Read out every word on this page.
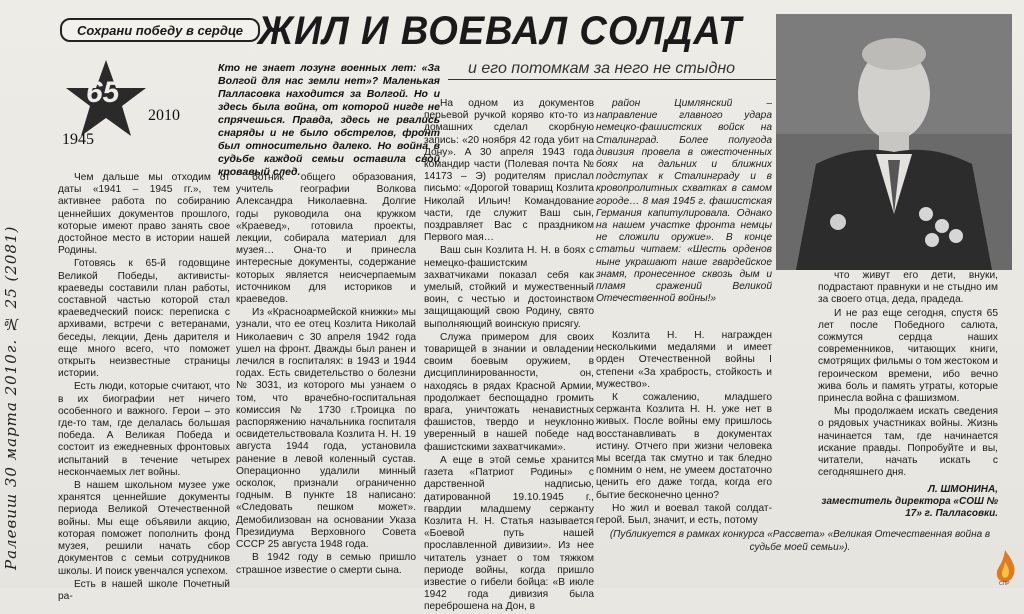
Ралевиш 30 марта 2010г. № 25 (2081)
Сохрани победу в сердце ЖИЛ И ВОЕВАЛ СОЛДАТ
и его потомкам за него не стыдно
65
1945
2010
Кто не знает лозунг военных лет: «За Волгой для нас земли нет»? Маленькая Палласовка находится за Волгой. Но и здесь была война, от которой нигде не спрячешься. Правда, здесь не рвались снаряды и не было обстрелов, фронт был относительно далеко. Но война в судьбе каждой семьи оставила свой кровавый след.

Чем дальше мы отходим от даты «1941 – 1945 гг.», тем активнее работа по собиранию ценнейших документов прошлого, которые имеют право занять свое достойное место в истории нашей Родины.

Готовясь к 65-й годовщине Великой Победы, активисты-краеведы составили план работы, составной частью которой стал краеведческий поиск: переписка с архивами, встречи с ветеранами, беседы, лекции, День дарителя и еще много всего, что поможет открыть неизвестные страницы истории.

Есть люди, которые считают, что в их биографии нет ничего особенного и важного. Герои – это где-то там, где делалась большая победа. А Великая Победа и состоит из ежедневных фронтовых испытаний в течение четырех нескончаемых лет войны.

В нашем школьном музее уже хранятся ценнейшие документы периода Великой Отечественной войны. Мы еще объявили акцию, которая поможет пополнить фонд музея, решили начать сбор документов с семьи сотрудников школы. И поиск увенчался успехом.

Есть в нашей школе Почетный ра-

ботник общего образования, учитель географии Волкова Александра Николаевна. Долгие годы руководила она кружком «Краевед», готовила проекты, лекции, собирала материал для музея… Она-то и принесла интересные документы, содержание которых является неисчерпаемым источником для историков и краеведов.

Из «Красноармейской книжки» мы узнали, что ее отец Козлита Николай Николаевич с 30 апреля 1942 года ушел на фронт. Дважды был ранен и лечился в госпиталях: в 1943 и 1944 годах. Есть свидетельство о болезни № 3031, из которого мы узнаем о том, что врачебно-госпитальная комиссия № 1730 г.Троицка по распоряжению начальника госпиталя освидетельствовала Козлита Н. Н. 19 августа 1944 года, установила ранение в левой коленный сустав. Операционно удалили минный осколок, признали ограниченно годным. В пункте 18 написано: «Следовать пешком может». Демобилизован на основании Указа Президиума Верховного Совета СССР 25 августа 1948 года.

В 1942 году в семью пришло страшное известие о смерти сына.

На одном из документов перьевой ручкой коряво кто-то из домашних сделал скорбную запись: «20 ноября 42 года убит на Дону». А 30 апреля 1943 года командир части (Полевая почта № 14173 – Э) родителям прислал письмо: «Дорогой товарищ Козлита Николай Ильич! Командование части, где служит Ваш сын, поздравляет Вас с праздником Первого мая…

Ваш сын Козлита Н. Н. в боях с немецко-фашистским захватчиками показал себя как умелый, стойкий и мужественный воин, с честью и достоинством защищающий свою Родину, свято выполняющий воинскую присягу.

Служа примером для своих товарищей в знании и овладении своим боевым оружием, в дисциплинированности, он, находясь в рядах Красной Армии, продолжает беспощадно громить врага, уничтожать ненавистных фашистов, твердо и неуклонно уверенный в нашей победе над фашистскими захватчиками».

А еще в этой семье хранится газета «Патриот Родины» с дарственной надписью, датированной 19.10.1945 г., гвардии младшему сержанту Козлита Н. Н. Статья называется «Боевой путь нашей прославленной дивизии». Из нее читатель узнает о том тяжком периоде войны, когда пришло известие о гибели бойца: «В июле 1942 года дивизия была переброшена на Дон, в

район Цимлянский – направление главного удара немецко-фашистских войск на Сталинград. Более полугода дивизия провела в ожесточенных боях на дальних и ближних подступах к Сталинграду и в кровопролитных схватках в самом городе… 8 мая 1945 г. фашистская Германия капитулировала. Однако на нашем участке фронта немцы не сложили оружие». В конце статьи читаем: «Шесть орденов ныне украшают наше гвардейское знамя, пронесенное сквозь дым и пламя сражений Великой Отечественной войны!»

Козлита Н. Н. награжден несколькими медалями и имеет орден Отечественной войны I степени «За храбрость, стойкость и мужество».

К сожалению, младшего сержанта Козлита Н. Н. уже нет в живых. После войны ему пришлось восстанавливать в документах истину. Отчего при жизни человека мы всегда так смутно и так бледно помним о нем, не умеем достаточно ценить его даже тогда, когда его бытие бесконечно ценно?

Но жил и воевал такой солдат-герой. Был, значит, и есть, потому

что живут его дети, внуки, подрастают правнуки и не стыдно им за своего отца, деда, прадеда.

И не раз еще сегодня, спустя 65 лет после Победного салюта, сожмутся сердца наших современников, читающих книги, смотрящих фильмы о том жестоком и героическом времени, ибо вечно жива боль и память утраты, которые принесла война с фашизмом.

Мы продолжаем искать сведения о рядовых участниках войны. Жизнь начинается там, где начинается искание правды. Попробуйте и вы, читатели, начать искать с сегодняшнего дня.

Л. ШМОНИНА,
заместитель директора «СОШ № 17» г. Палласовки.
(Публикуется в рамках конкурса «Рассвета» «Великая Отечественная война в судьбе моей семьи»).
СПР
